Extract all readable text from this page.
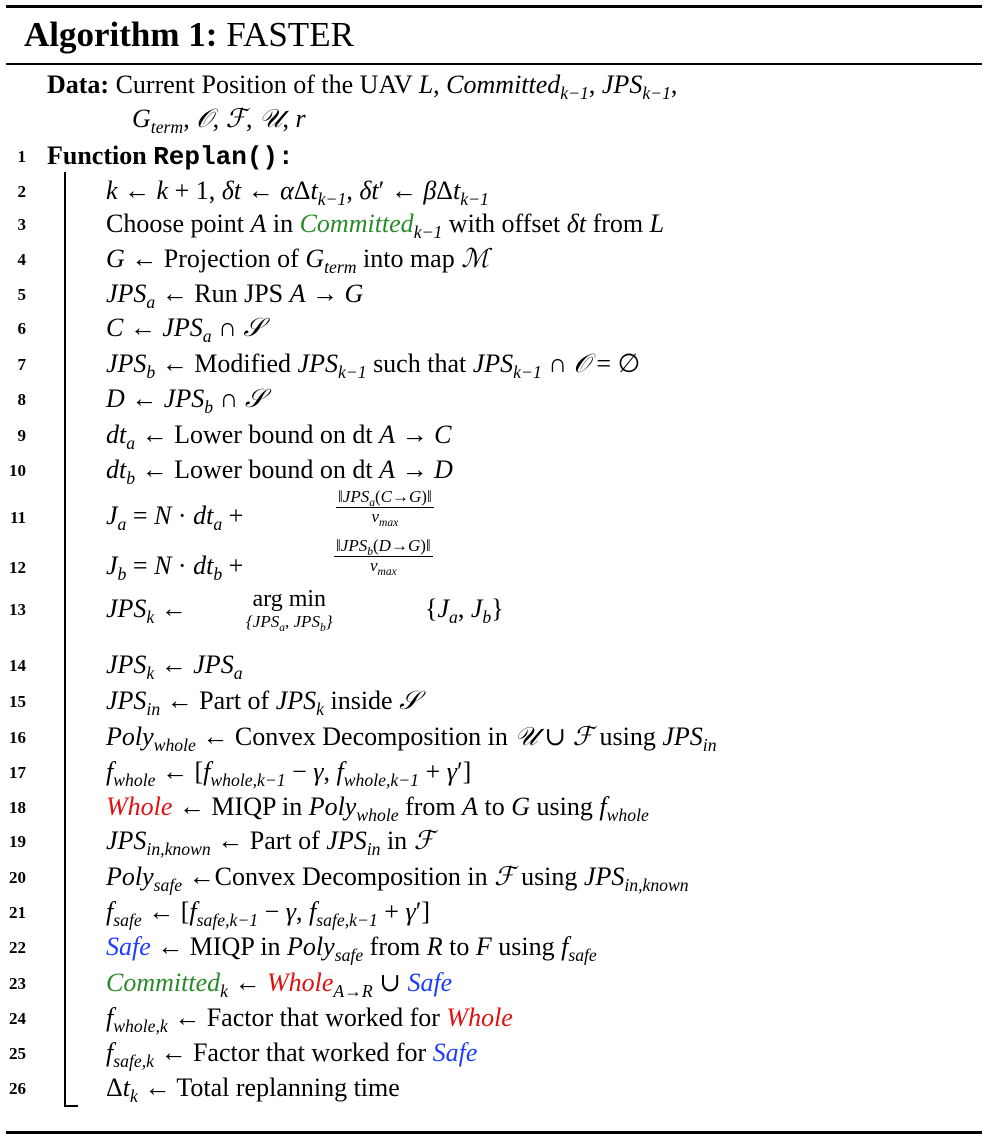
Algorithm 1: FASTER
Data: Current Position of the UAV L, Committed$_{k-1}$, $JPS_{k-1}$,
$G_{term}$, 𝒪, ℱ, 𝒰, r
1 Function Replan():
2	k ← k + 1, δt ← αΔt$_{k-1}$, δt′ ← βΔt$_{k-1}$
3	Choose point A in Committed$_{k-1}$ with offset δt from L
4	G ← Projection of $G_{term}$ into map ℳ
5	$JPS_a$ ← Run JPS A → G
6	C ← $JPS_a$ ∩ 𝒮
7	$JPS_b$ ← Modified $JPS_{k-1}$ such that $JPS_{k-1}$ ∩ 𝒪 = ∅
8	D ← $JPS_b$ ∩ 𝒮
9	$dt_a$ ← Lower bound on dt A → C
10	$dt_b$ ← Lower bound on dt A → D
11	$J_a = N \cdot dt_a$ +
$‖JPS_a(C\to G)‖$
$v_{max}$
12	$J_b = N \cdot dt_b$ +
$‖JPS_b(D\to G)‖$
$v_{max}$
13	$JPS_k$ ←	arg min
{$JPS_a$, $JPS_b$}	{$J_a$, $J_b$}
14	$JPS_k$ ← $JPS_a$
15	$JPS_{in}$ ← Part of $JPS_k$ inside 𝒮
16	Poly$_{whole}$ ← Convex Decomposition in 𝒰 ∪ ℱ using $JPS_{in}$
17	$f_{whole}$ ← [$f_{whole,k-1} - \gamma$, $f_{whole,k-1} + \gamma'$]
18	Whole ← MIQP in Poly$_{whole}$ from A to G using $f_{whole}$
19	$JPS_{in,known}$ ← Part of $JPS_{in}$ in ℱ
20	Poly$_{safe}$ ←Convex Decomposition in ℱ using $JPS_{in,known}$
21	$f_{safe}$ ← [$f_{safe,k-1} - \gamma$, $f_{safe,k-1} + \gamma'$]
22	Safe ← MIQP in Poly$_{safe}$ from R to F using $f_{safe}$
23	Committed$_k$ ← Whole$_{A\to R}$ ∪ Safe
24	$f_{whole,k}$ ← Factor that worked for Whole
25	$f_{safe,k}$ ← Factor that worked for Safe
26	$\Delta t_k$ ← Total replanning time
